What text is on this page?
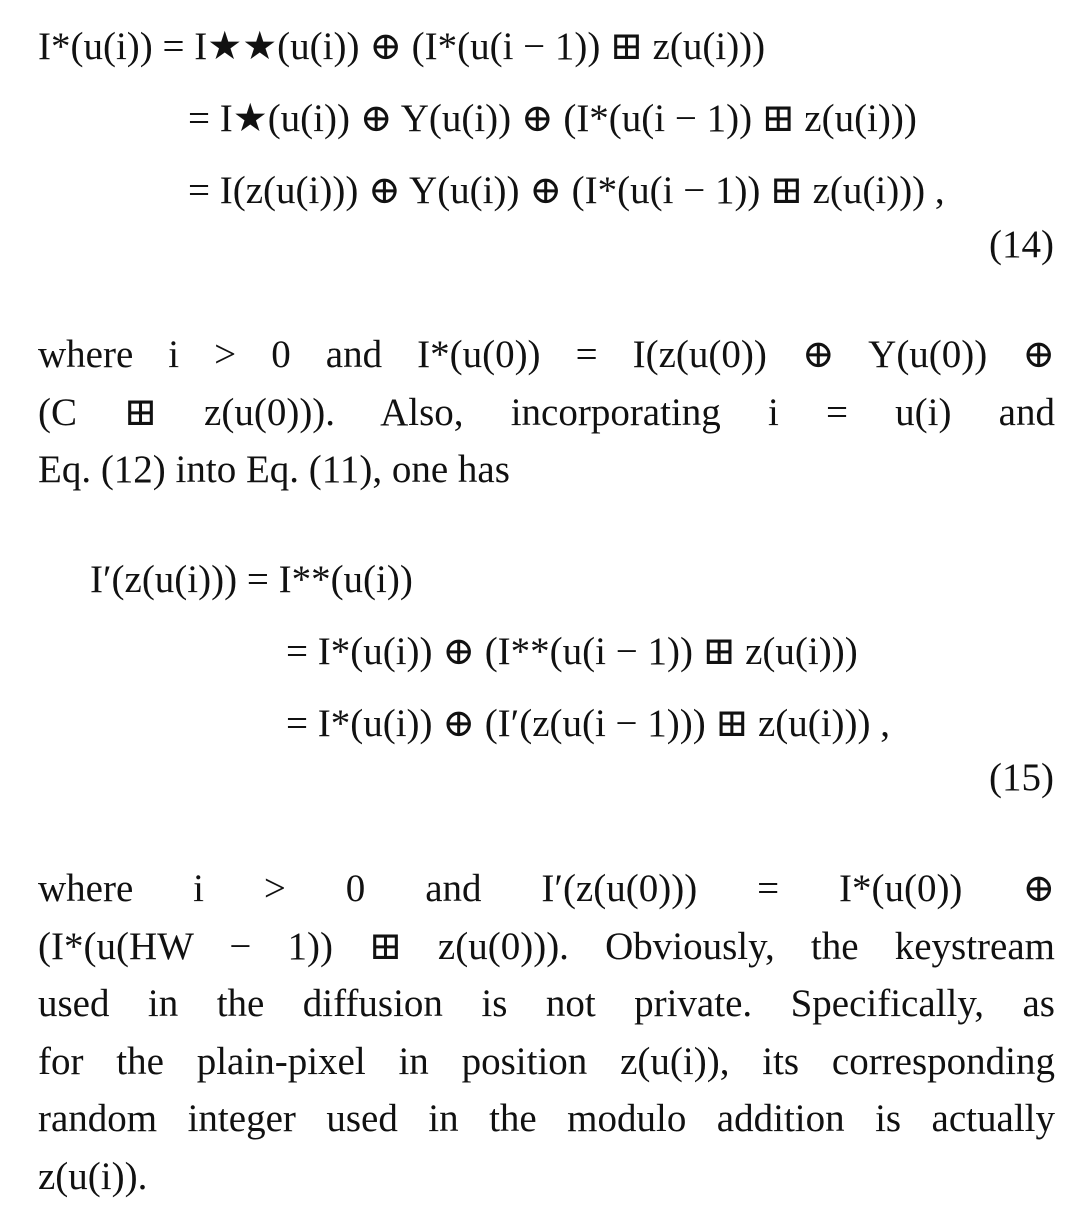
I*(u(i)) = I★★(u(i)) ⊕ (I*(u(i − 1)) ⊞ z(u(i)))
= I★(u(i)) ⊕ Y(u(i)) ⊕ (I*(u(i − 1)) ⊞ z(u(i)))
= I(z(u(i))) ⊕ Y(u(i)) ⊕ (I*(u(i − 1)) ⊞ z(u(i))) ,
(14)
where i > 0 and I*(u(0)) = I(z(u(0)) ⊕ Y(u(0)) ⊕
(C ⊞ z(u(0))). Also, incorporating i = u(i) and
Eq. (12) into Eq. (11), one has
I′(z(u(i))) = I**(u(i))
= I*(u(i)) ⊕ (I**(u(i − 1)) ⊞ z(u(i)))
= I*(u(i)) ⊕ (I′(z(u(i − 1))) ⊞ z(u(i))) ,
(15)
where i > 0 and I′(z(u(0))) = I*(u(0)) ⊕
(I*(u(HW − 1)) ⊞ z(u(0))). Obviously, the keystream
used in the diffusion is not private. Specifically, as
for the plain-pixel in position z(u(i)), its corresponding
random integer used in the modulo addition is actually
z(u(i)).
